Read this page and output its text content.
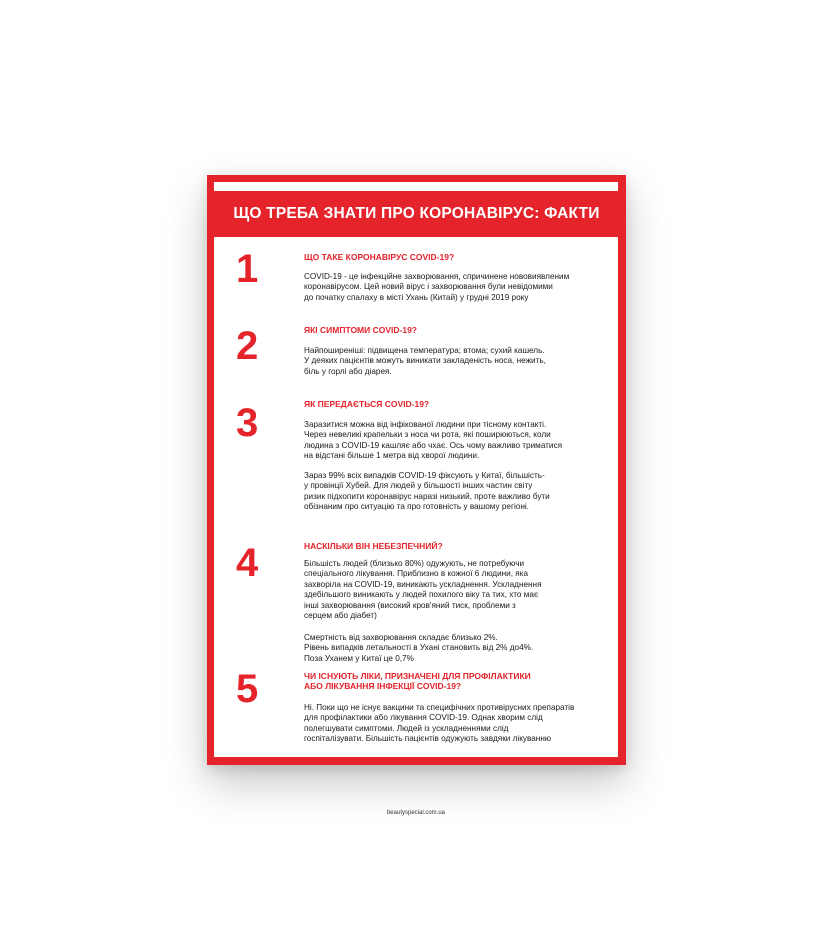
ЩО ТРЕБА ЗНАТИ ПРО КОРОНАВІРУС: ФАКТИ
1	ЩО ТАКЕ КОРОНАВІРУС COVID-19?
COVID-19 - це інфекційне захворювання, спричинене нововиявленим
коронавірусом. Цей новий вірус і захворювання були невідомими
до початку спалаху в місті Ухань (Китай) у грудні 2019 року
2	ЯКІ СИМПТОМИ COVID-19?
Найпоширеніші: підвищена температура; втома; сухий кашель.
У деяких пацієнтів можуть виникати закладеність носа, нежить,
біль у горлі або діарея.
3	ЯК ПЕРЕДАЄТЬСЯ COVID-19?
Заразитися можна від інфікованої людини при тісному контакті.
Через невеликі крапельки з носа чи рота, які поширюються, коли
людина з COVID-19 кашляє або чхає. Ось чому важливо триматися
на відстані більше 1 метра від хворої людини.
Зараз 99% всіх випадків COVID-19 фіксують у Китаї, більшість-
у провінції Хубей. Для людей у більшості інших частин світу
ризик підхопити коронавірус наразі низький, проте важливо бути
обізнаним про ситуацію та про готовність у вашому регіоні.
4	НАСКІЛЬКИ ВІН НЕБЕЗПЕЧНИЙ?
Більшість людей (близько 80%) одужують, не потребуючи
спеціального лікування. Приблизно в кожної 6 людини, яка
захворіла на COVID-19, виникають ускладнення. Ускладнення
здебільшого виникають у людей похилого віку та тих, хто має
інші захворювання (високий кров'яний тиск, проблеми з
серцем або діабет)
Смертність від захворювання складає близько 2%.
Рівень випадків летальності в Ухані становить від 2% до4%.
Поза Уханем у Китаї це 0,7%
5	ЧИ ІСНУЮТЬ ЛІКИ, ПРИЗНАЧЕНІ ДЛЯ ПРОФІЛАКТИКИ
АБО ЛІКУВАННЯ ІНФЕКЦІЇ COVID-19?
Ні. Поки що не існує вакцини та специфічних противірусних препаратів
для профілактики або лікування COVID-19. Однак хворим слід
полегшувати симптоми. Людей із ускладненнями слід
госпіталізувати. Більшість пацієнтів одужують завдяки лікуванню
beautyspecial.com.ua
